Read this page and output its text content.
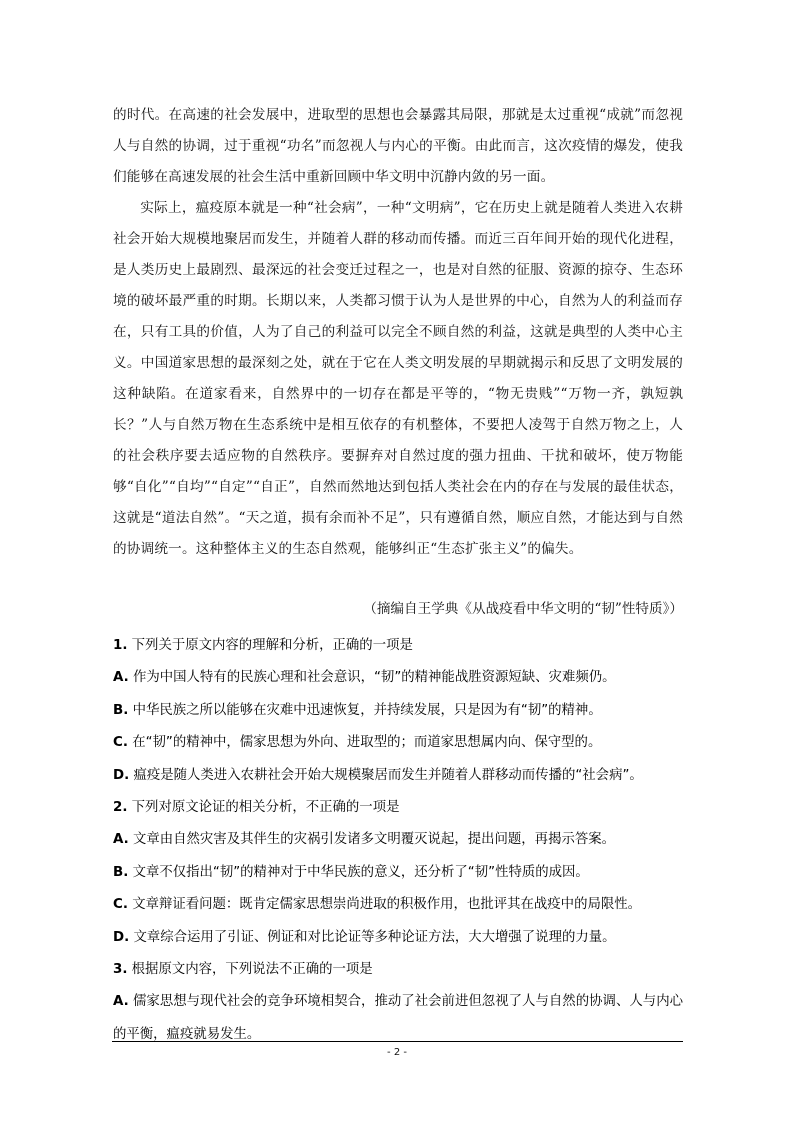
的时代。在高速的社会发展中，进取型的思想也会暴露其局限，那就是太过重视“成就”而忽视人与自然的协调，过于重视“功名”而忽视人与内心的平衡。由此而言，这次疫情的爆发，使我们能够在高速发展的社会生活中重新回顾中华文明中沉静内敛的另一面。

实际上，瘟疫原本就是一种“社会病”，一种“文明病”，它在历史上就是随着人类进入农耕社会开始大规模地聚居而发生，并随着人群的移动而传播。而近三百年间开始的现代化进程，是人类历史上最剧烈、最深远的社会变迁过程之一，也是对自然的征服、资源的掠夺、生态环境的破坏最严重的时期。长期以来，人类都习惯于认为人是世界的中心，自然为人的利益而存在，只有工具的价值，人为了自己的利益可以完全不顾自然的利益，这就是典型的人类中心主义。中国道家思想的最深刻之处，就在于它在人类文明发展的早期就揭示和反思了文明发展的这种缺陷。在道家看来，自然界中的一切存在都是平等的，“物无贵贱”“万物一齐，孰短孰长？”人与自然万物在生态系统中是相互依存的有机整体，不要把人凌驾于自然万物之上，人的社会秩序要去适应物的自然秩序。要摒弃对自然过度的强力扭曲、干扰和破坏，使万物能够“自化”“自均”“自定”“自正”，自然而然地达到包括人类社会在内的存在与发展的最佳状态，这就是“道法自然”。“天之道，损有余而补不足”，只有遵循自然，顺应自然，才能达到与自然的协调统一。这种整体主义的生态自然观，能够纠正“生态扩张主义”的偏失。

（摘编自王学典《从战疫看中华文明的“韧”性特质》）

1. 下列关于原文内容的理解和分析，正确的一项是

A. 作为中国人特有的民族心理和社会意识，“韧”的精神能战胜资源短缺、灾难频仍。

B. 中华民族之所以能够在灾难中迅速恢复，并持续发展，只是因为有“韧”的精神。

C. 在“韧”的精神中，儒家思想为外向、进取型的；而道家思想属内向、保守型的。

D. 瘟疫是随人类进入农耕社会开始大规模聚居而发生并随着人群移动而传播的“社会病”。

2. 下列对原文论证的相关分析，不正确的一项是

A. 文章由自然灾害及其伴生的灾祸引发诸多文明覆灭说起，提出问题，再揭示答案。

B. 文章不仅指出“韧”的精神对于中华民族的意义，还分析了“韧”性特质的成因。

C. 文章辩证看问题：既肯定儒家思想崇尚进取的积极作用，也批评其在战疫中的局限性。

D. 文章综合运用了引证、例证和对比论证等多种论证方法，大大增强了说理的力量。

3. 根据原文内容，下列说法不正确的一项是

A. 儒家思想与现代社会的竞争环境相契合，推动了社会前进但忽视了人与自然的协调、人与内心的平衡，瘟疫就易发生。

- 2 -
